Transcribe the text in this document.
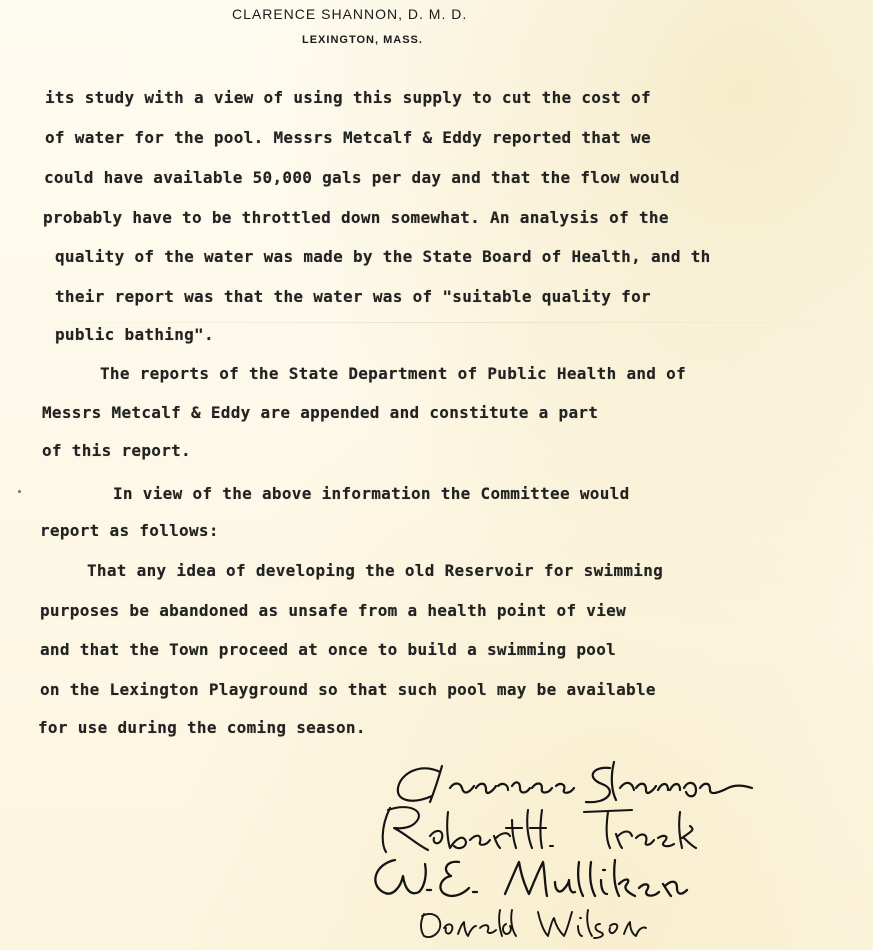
CLARENCE SHANNON, D. M. D.
LEXINGTON, MASS.
its study with a view of using this supply to cut the cost of
of water for the pool. Messrs Metcalf & Eddy reported that we
could have available 50,000 gals per day and that the flow would
probably have to be throttled down somewhat. An analysis of the
quality of the water was made by the State Board of Health, and th
their report was that the water was of "suitable quality for
public bathing".
The reports of the State Department of Public Health and of
Messrs Metcalf & Eddy are appended and constitute a part
of this report.
In view of the above information the Committee would
report as follows:
That any idea of developing the old Reservoir for swimming
purposes be abandoned as unsafe from a health point of view
and that the Town proceed at once to build a swimming pool
on the Lexington Playground so that such pool may be available
for use during the coming season.
